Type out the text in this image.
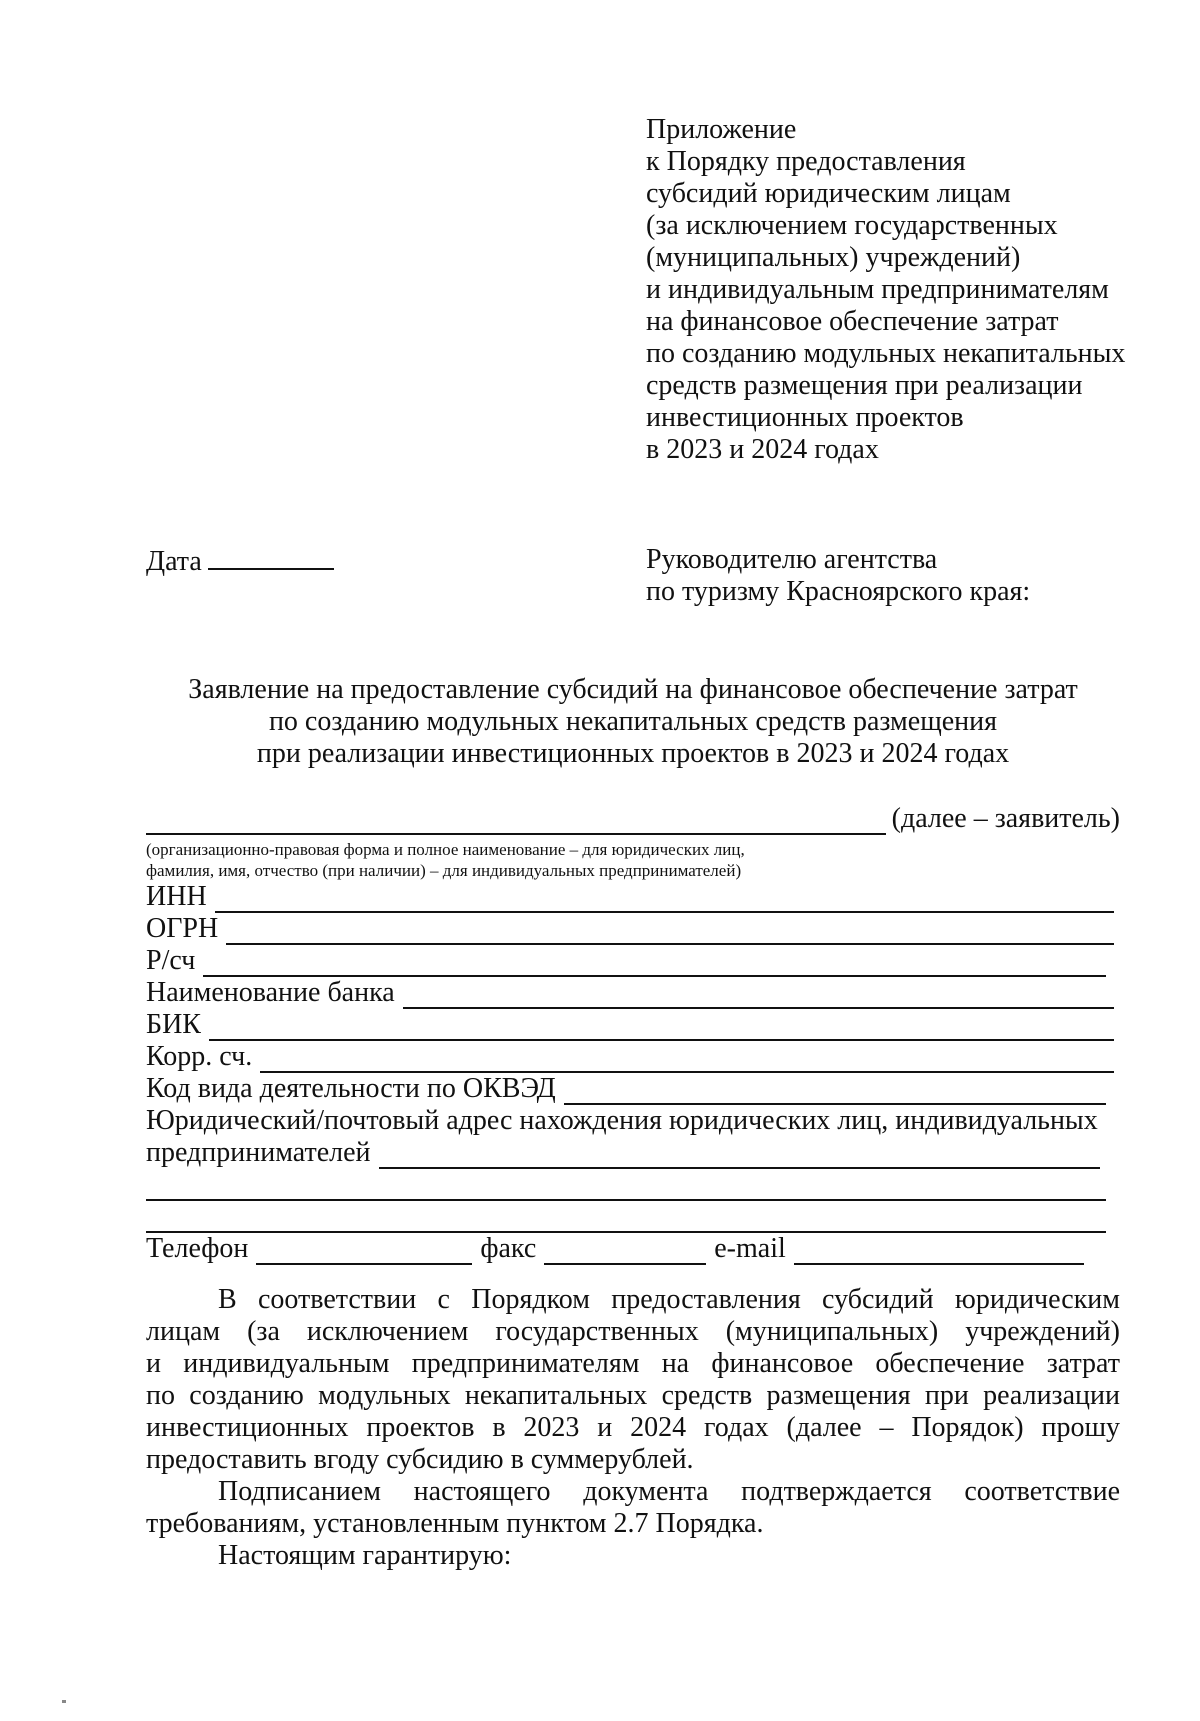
Приложение
к Порядку предоставления
субсидий юридическим лицам
(за исключением государственных
(муниципальных) учреждений)
и индивидуальным предпринимателям
на финансовое обеспечение затрат
по созданию модульных некапитальных
средств размещения при реализации
инвестиционных проектов
в 2023 и 2024 годах
Дата	Руководителю агентства
по туризму Красноярского края:
Заявление на предоставление субсидий на финансовое обеспечение затрат
по созданию модульных некапитальных средств размещения
при реализации инвестиционных проектов в 2023 и 2024 годах
(далее – заявитель)
(организационно-правовая форма и полное наименование – для юридических лиц,
фамилия, имя, отчество (при наличии) – для индивидуальных предпринимателей)
ИНН
ОГРН
Р/сч
Наименование банка
БИК
Корр. сч.
Код вида деятельности по ОКВЭД
Юридический/почтовый адрес нахождения юридических лиц, индивидуальных
предпринимателей
Телефон	факс	e-mail
В соответствии с Порядком предоставления субсидий юридическим
лицам (за исключением государственных (муниципальных) учреждений)
и индивидуальным предпринимателям на финансовое обеспечение затрат
по созданию модульных некапитальных средств размещения при реализации
инвестиционных проектов в 2023 и 2024 годах (далее – Порядок) прошу
предоставить вгоду субсидию в суммерублей.
Подписанием настоящего документа подтверждается соответствие
требованиям, установленным пунктом 2.7 Порядка.
Настоящим гарантирую:
